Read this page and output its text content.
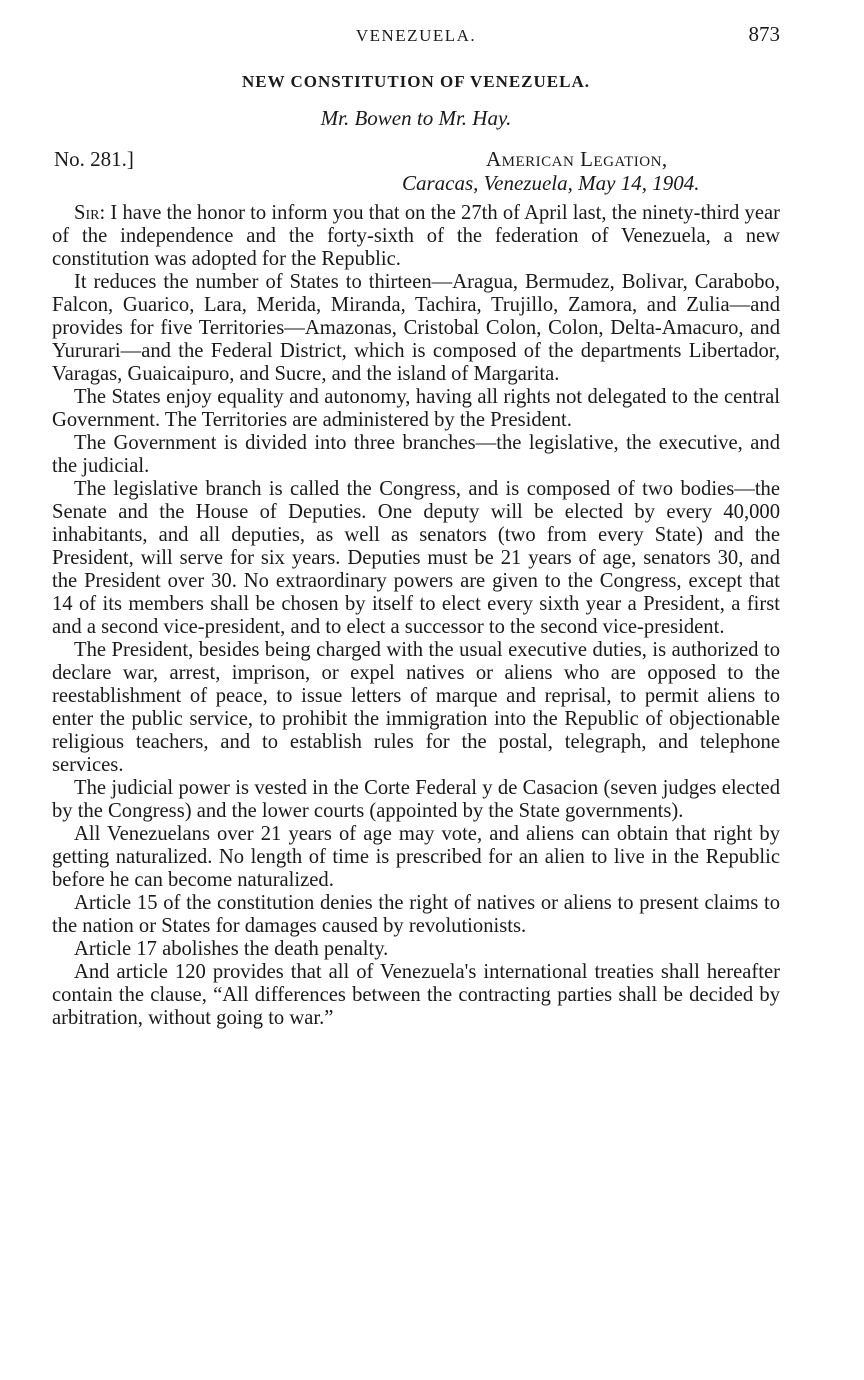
VENEZUELA.	873
NEW CONSTITUTION OF VENEZUELA.
Mr. Bowen to Mr. Hay.
No. 281.]	American Legation,
Caracas, Venezuela, May 14, 1904.

Sir: I have the honor to inform you that on the 27th of April last, the ninety-third year of the independence and the forty-sixth of the federation of Venezuela, a new constitution was adopted for the Republic.

It reduces the number of States to thirteen—Aragua, Bermudez, Bolivar, Carabobo, Falcon, Guarico, Lara, Merida, Miranda, Tachira, Trujillo, Zamora, and Zulia—and provides for five Territories—Amazonas, Cristobal Colon, Colon, Delta-Amacuro, and Yururari—and the Federal District, which is composed of the departments Libertador, Varagas, Guaicaipuro, and Sucre, and the island of Margarita.

The States enjoy equality and autonomy, having all rights not delegated to the central Government. The Territories are administered by the President.

The Government is divided into three branches—the legislative, the executive, and the judicial.

The legislative branch is called the Congress, and is composed of two bodies—the Senate and the House of Deputies. One deputy will be elected by every 40,000 inhabitants, and all deputies, as well as senators (two from every State) and the President, will serve for six years. Deputies must be 21 years of age, senators 30, and the President over 30. No extraordinary powers are given to the Congress, except that 14 of its members shall be chosen by itself to elect every sixth year a President, a first and a second vice-president, and to elect a successor to the second vice-president.

The President, besides being charged with the usual executive duties, is authorized to declare war, arrest, imprison, or expel natives or aliens who are opposed to the reestablishment of peace, to issue letters of marque and reprisal, to permit aliens to enter the public service, to prohibit the immigration into the Republic of objectionable religious teachers, and to establish rules for the postal, telegraph, and telephone services.

The judicial power is vested in the Corte Federal y de Casacion (seven judges elected by the Congress) and the lower courts (appointed by the State governments).

All Venezuelans over 21 years of age may vote, and aliens can obtain that right by getting naturalized. No length of time is prescribed for an alien to live in the Republic before he can become naturalized.

Article 15 of the constitution denies the right of natives or aliens to present claims to the nation or States for damages caused by revolutionists.

Article 17 abolishes the death penalty.

And article 120 provides that all of Venezuela's international treaties shall hereafter contain the clause, “All differences between the contracting parties shall be decided by arbitration, without going to war.”
